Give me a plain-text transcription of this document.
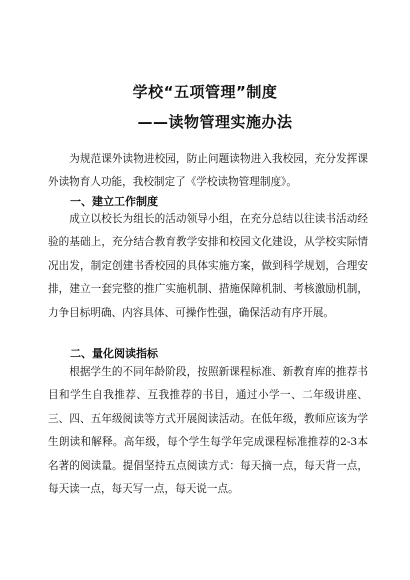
学校“五项管理”制度
——读物管理实施办法

为规范课外读物进校园，防止问题读物进入我校园，充分发挥课外读物育人功能，我校制定了《学校读物管理制度》。

一、建立工作制度

成立以校长为组长的活动领导小组，在充分总结以往读书活动经验的基础上，充分结合教育教学安排和校园文化建设，从学校实际情况出发，制定创建书香校园的具体实施方案，做到科学规划，合理安排，建立一套完整的推广实施机制、措施保障机制、考核激励机制，力争目标明确、内容具体、可操作性强，确保活动有序开展。

二、量化阅读指标

根据学生的不同年龄阶段，按照新课程标准、新教育库的推荐书目和学生自我推荐、互我推荐的书目，通过小学一、二年级讲座、三、四、五年级阅读等方式开展阅读活动。在低年级，教师应该为学生朗读和解释。高年级，每个学生每学年完成课程标准推荐的2-3本名著的阅读量。提倡坚持五点阅读方式：每天摘一点，每天背一点，每天读一点，每天写一点，每天说一点。
